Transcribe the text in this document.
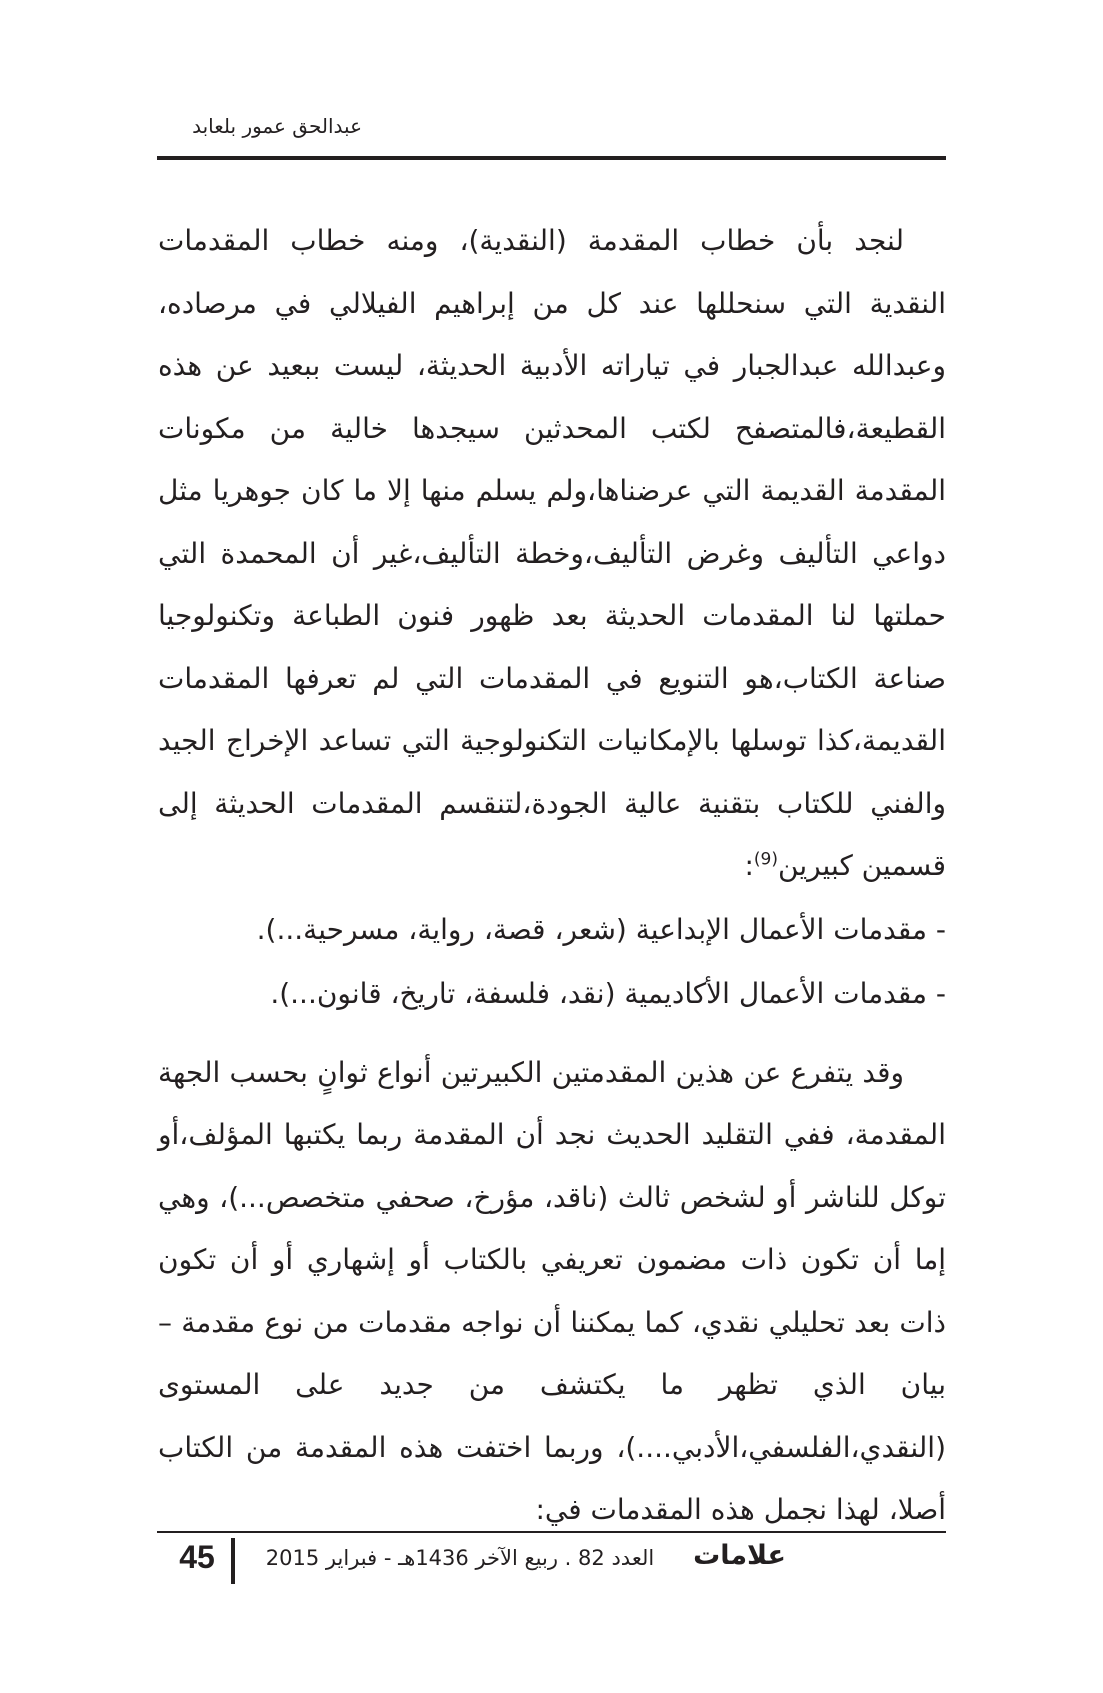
عبدالحق عمور بلعابد

لنجد بأن خطاب المقدمة (النقدية)، ومنه خطاب المقدمات النقدية التي سنحللها عند كل من إبراهيم الفيلالي في مرصاده، وعبدالله عبدالجبار في تياراته الأدبية الحديثة، ليست ببعيد عن هذه القطيعة،فالمتصفح لكتب المحدثين سيجدها خالية من مكونات المقدمة القديمة التي عرضناها،ولم يسلم منها إلا ما كان جوهريا مثل دواعي التأليف وغرض التأليف،وخطة التأليف،غير أن المحمدة التي حملتها لنا المقدمات الحديثة بعد ظهور فنون الطباعة وتكنولوجيا صناعة الكتاب،هو التنويع في المقدمات التي لم تعرفها المقدمات القديمة،كذا توسلها بالإمكانيات التكنولوجية التي تساعد الإخراج الجيد والفني للكتاب بتقنية عالية الجودة،لتنقسم المقدمات الحديثة إلى قسمين كبيرين$^{(9)}$:

- مقدمات الأعمال الإبداعية (شعر، قصة، رواية، مسرحية...).

- مقدمات الأعمال الأكاديمية (نقد، فلسفة، تاريخ، قانون...).

وقد يتفرع عن هذين المقدمتين الكبيرتين أنواع ثوانٍ بحسب الجهة المقدمة، ففي التقليد الحديث نجد أن المقدمة ربما يكتبها المؤلف،أو توكل للناشر أو لشخص ثالث (ناقد، مؤرخ، صحفي متخصص...)، وهي إما أن تكون ذات مضمون تعريفي بالكتاب أو إشهاري أو أن تكون ذات بعد تحليلي نقدي، كما يمكننا أن نواجه مقدمات من نوع مقدمة – بيان الذي تظهر ما يكتشف من جديد على المستوى (النقدي،الفلسفي،الأدبي....)، وربما اختفت هذه المقدمة من الكتاب أصلا، لهذا نجمل هذه المقدمات في:

45	العدد 82 . ربيع الآخر 1436هـ - فبراير 2015	علامات
